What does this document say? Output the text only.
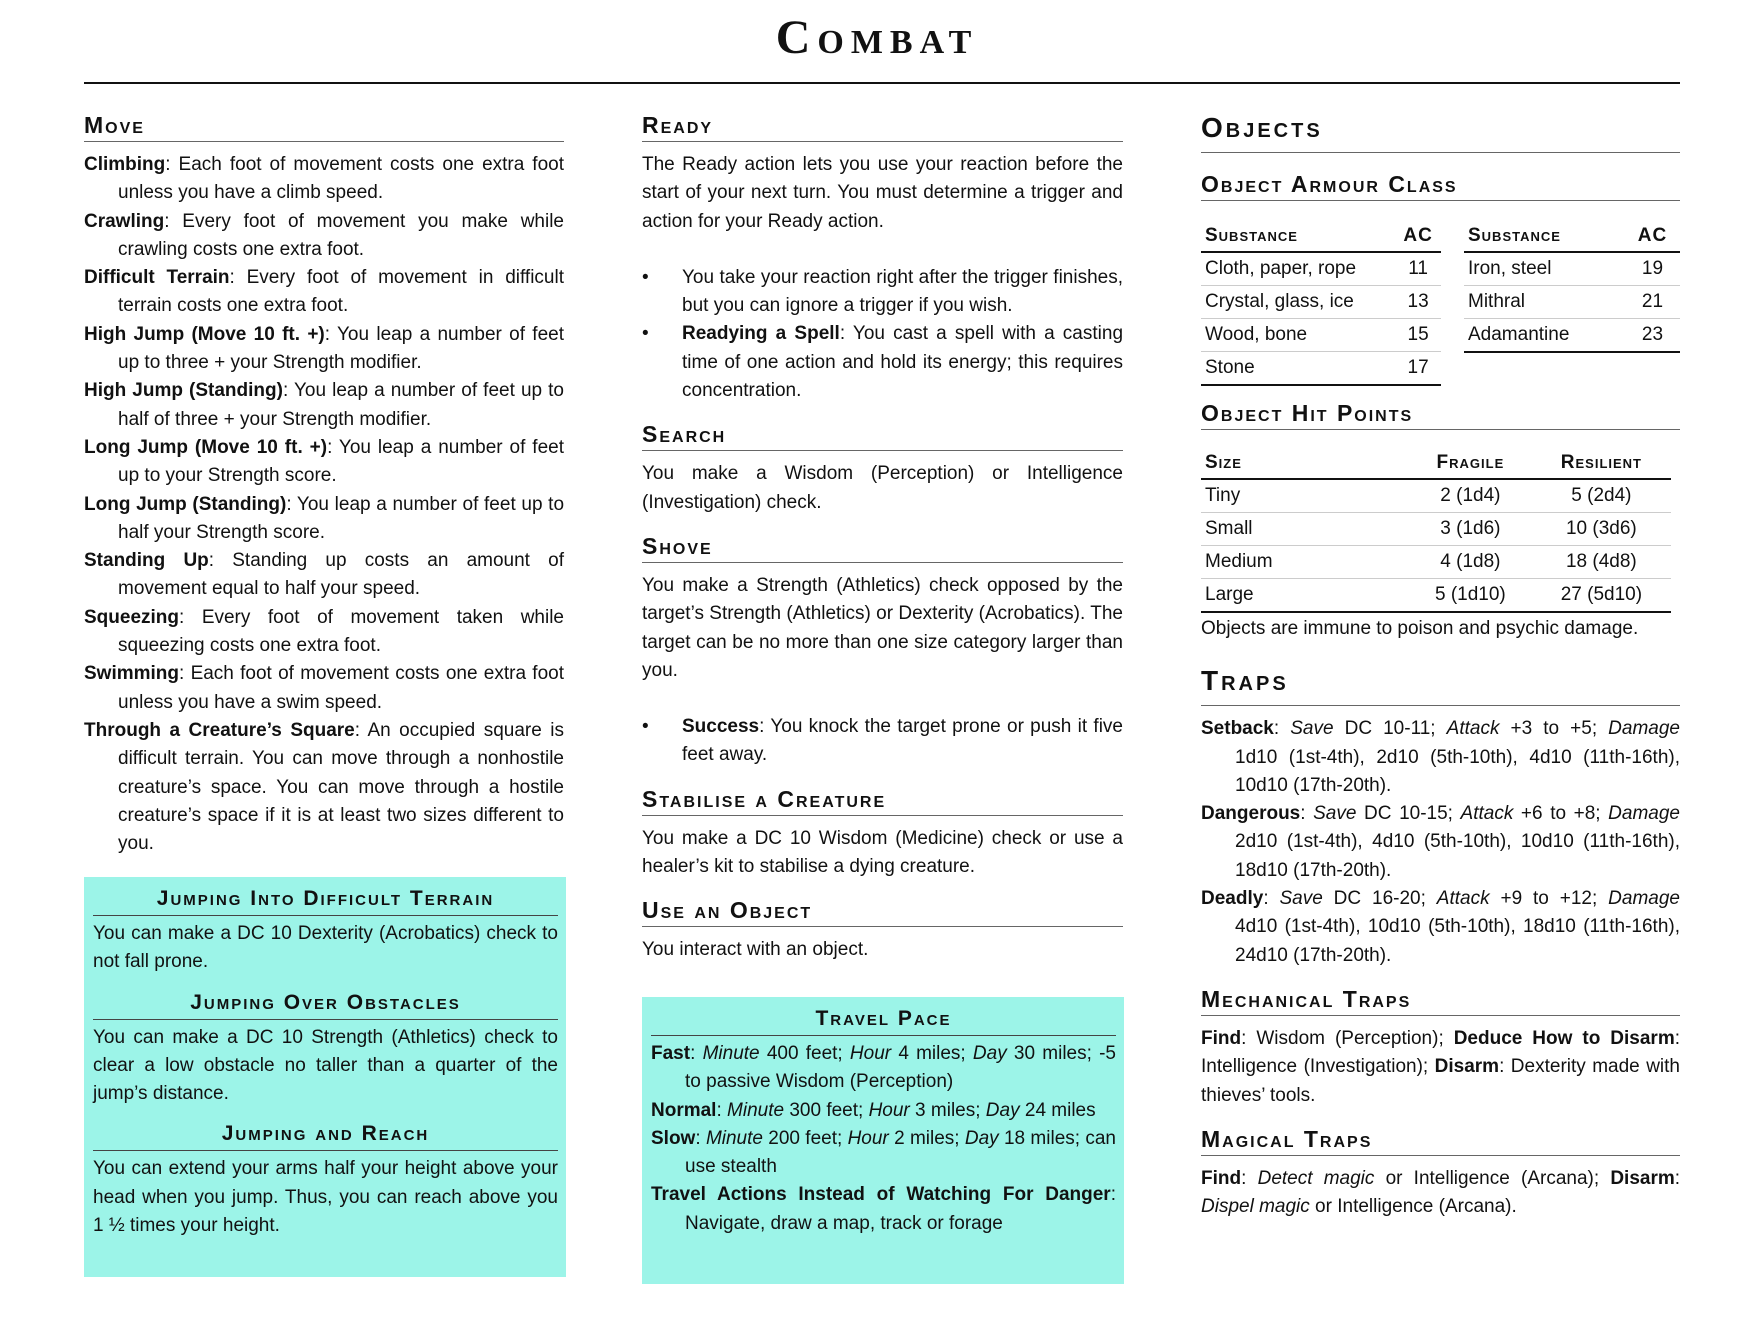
Combat
Move

Climbing: Each foot of movement costs one extra foot unless you have a climb speed.

Crawling: Every foot of movement you make while crawling costs one extra foot.

Difficult Terrain: Every foot of movement in difficult terrain costs one extra foot.

High Jump (Move 10 ft. +): You leap a number of feet up to three + your Strength modifier.

High Jump (Standing): You leap a number of feet up to half of three + your Strength modifier.

Long Jump (Move 10 ft. +): You leap a number of feet up to your Strength score.

Long Jump (Standing): You leap a number of feet up to half your Strength score.

Standing Up: Standing up costs an amount of movement equal to half your speed.

Squeezing: Every foot of movement taken while squeezing costs one extra foot.

Swimming: Each foot of movement costs one extra foot unless you have a swim speed.

Through a Creature’s Square: An occupied square is difficult terrain. You can move through a nonhostile creature’s space. You can move through a hostile creature’s space if it is at least two sizes different to you.

Jumping Into Difficult Terrain

You can make a DC 10 Dexterity (Acrobatics) check to not fall prone.

Jumping Over Obstacles

You can make a DC 10 Strength (Athletics) check to clear a low obstacle no taller than a quarter of the jump’s distance.

Jumping and Reach

You can extend your arms half your height above your head when you jump. Thus, you can reach above you 1 ½ times your height.

Ready

The Ready action lets you use your reaction before the start of your next turn. You must determine a trigger and action for your Ready action.

• You take your reaction right after the trigger finishes, but you can ignore a trigger if you wish.
• Readying a Spell: You cast a spell with a casting time of one action and hold its energy; this requires concentration.
Search

You make a Wisdom (Perception) or Intelligence (Investigation) check.

Shove

You make a Strength (Athletics) check opposed by the target’s Strength (Athletics) or Dexterity (Acrobatics). The target can be no more than one size category larger than you.

• Success: You knock the target prone or push it five feet away.
Stabilise a Creature

You make a DC 10 Wisdom (Medicine) check or use a healer’s kit to stabilise a dying creature.

Use an Object

You interact with an object.

Travel Pace

Fast: Minute 400 feet; Hour 4 miles; Day 30 miles; -5 to passive Wisdom (Perception)

Normal: Minute 300 feet; Hour 3 miles; Day 24 miles

Slow: Minute 200 feet; Hour 2 miles; Day 18 miles; can use stealth

Travel Actions Instead of Watching For Danger: Navigate, draw a map, track or forage

Objects
Object Armour Class
Substance	AC
Cloth, paper, rope	11
Crystal, glass, ice	13
Wood, bone	15
Stone	17
Substance	AC
Iron, steel	19
Mithral	21
Adamantine	23
Object Hit Points
Size	Fragile	Resilient
Tiny	2 (1d4)	5 (2d4)
Small	3 (1d6)	10 (3d6)
Medium	4 (1d8)	18 (4d8)
Large	5 (1d10)	27 (5d10)

Objects are immune to poison and psychic damage.

Traps

Setback: Save DC 10-11; Attack +3 to +5; Damage 1d10 (1st-4th), 2d10 (5th-10th), 4d10 (11th-16th), 10d10 (17th-20th).

Dangerous: Save DC 10-15; Attack +6 to +8; Damage 2d10 (1st-4th), 4d10 (5th-10th), 10d10 (11th-16th), 18d10 (17th-20th).

Deadly: Save DC 16-20; Attack +9 to +12; Damage 4d10 (1st-4th), 10d10 (5th-10th), 18d10 (11th-16th), 24d10 (17th-20th).

Mechanical Traps

Find: Wisdom (Perception); Deduce How to Disarm: Intelligence (Investigation); Disarm: Dexterity made with thieves’ tools.

Magical Traps

Find: Detect magic or Intelligence (Arcana); Disarm: Dispel magic or Intelligence (Arcana).
